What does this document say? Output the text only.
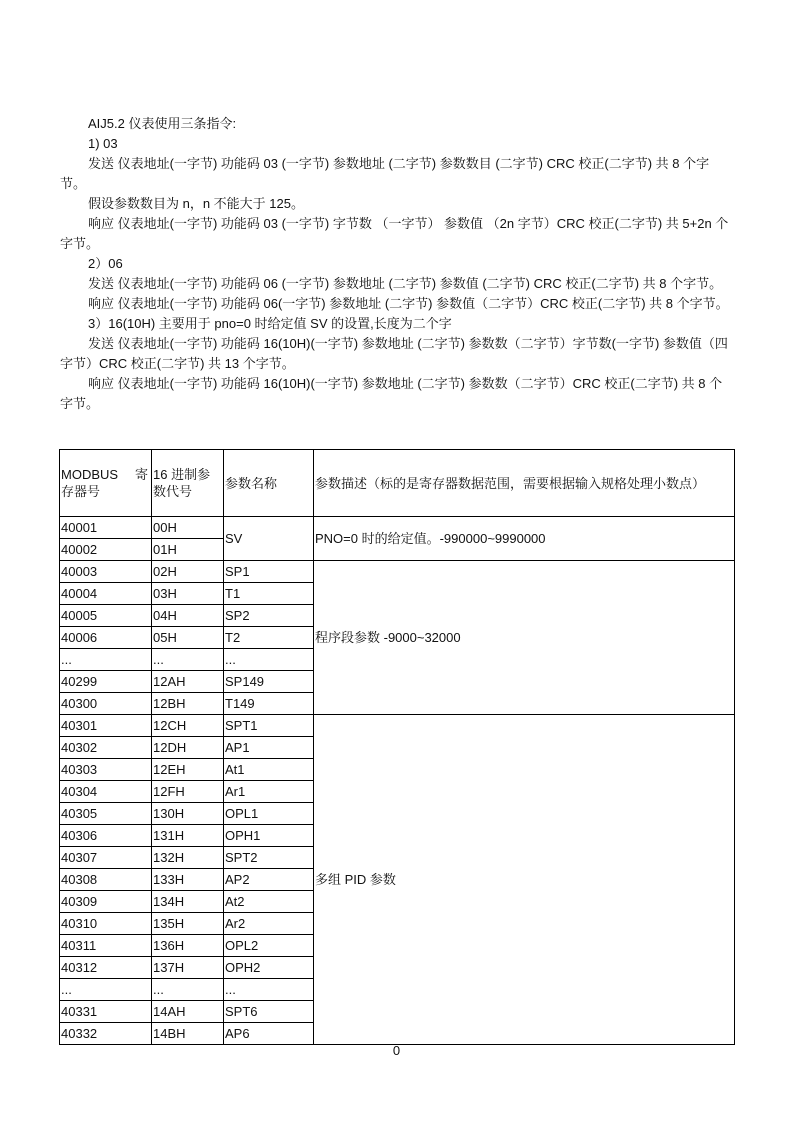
AIJ5.2 仪表使用三条指令:

1) 03

发送 仪表地址(一字节) 功能码 03 (一字节) 参数地址 (二字节) 参数数目 (二字节) CRC 校正(二字节) 共 8 个字节。

假设参数数目为 n，n 不能大于 125。

响应 仪表地址(一字节) 功能码 03 (一字节) 字节数 （一字节） 参数值 （2n 字节）CRC 校正(二字节) 共 5+2n 个字节。

2）06

发送 仪表地址(一字节) 功能码 06 (一字节) 参数地址 (二字节) 参数值 (二字节) CRC 校正(二字节) 共 8 个字节。

响应 仪表地址(一字节) 功能码 06(一字节) 参数地址 (二字节) 参数值（二字节）CRC 校正(二字节) 共 8 个字节。

3）16(10H) 主要用于 pno=0 时给定值 SV 的设置,长度为二个字

发送 仪表地址(一字节) 功能码 16(10H)(一字节) 参数地址 (二字节) 参数数（二字节）字节数(一字节) 参数值（四字节）CRC 校正(二字节) 共 13 个字节。

响应 仪表地址(一字节) 功能码 16(10H)(一字节) 参数地址 (二字节) 参数数（二字节）CRC 校正(二字节) 共 8 个字节。

MODBUS 寄
存器号	16 进制参数代号	参数名称	参数描述（标的是寄存器数据范围，需要根据输入规格处理小数点）
40001	00H	SV	PNO=0 时的给定值。-990000~9990000
40002	01H		
40003	02H	SP1	程序段参数 -9000~32000
40004	03H	T1	
40005	04H	SP2	
40006	05H	T2	
...	...	...	
40299	12AH	SP149	
40300	12BH	T149	
40301	12CH	SPT1	多组 PID 参数
40302	12DH	AP1	
40303	12EH	At1	
40304	12FH	Ar1	
40305	130H	OPL1	
40306	131H	OPH1	
40307	132H	SPT2	
40308	133H	AP2	
40309	134H	At2	
40310	135H	Ar2	
40311	136H	OPL2	
40312	137H	OPH2	
...	...	...	
40331	14AH	SPT6	
40332	14BH	AP6	
0
